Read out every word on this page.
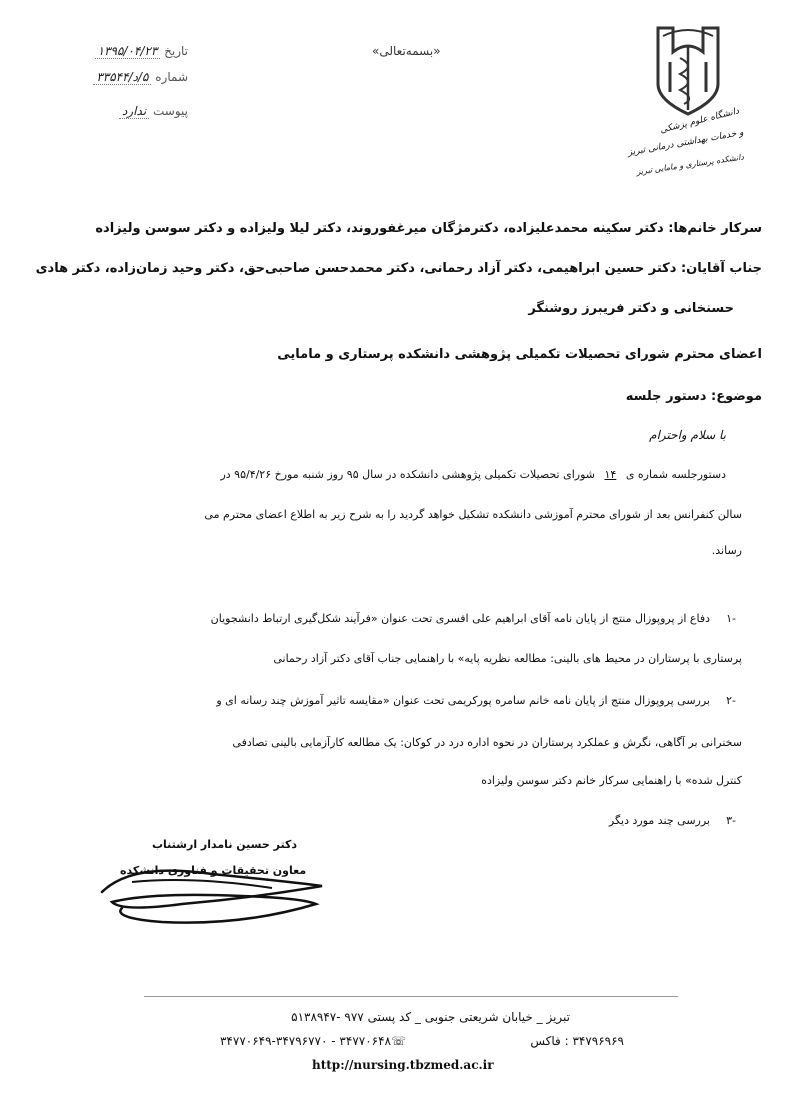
دانشگاه علوم پزشکی
و خدمات بهداشتی درمانی تبریز
دانشکده پرستاری و مامایی تبریز
«بسمه‌تعالی»
تاریخ ۱۳۹۵/۰۴/۲۳
شماره ۵/د/۳۳۵۴۴
پیوست ندارد
سرکار خانم‌ها: دکتر سکینه محمدعلیزاده، دکترمژگان میرغفوروند، دکتر لیلا ولیزاده و دکتر سوسن ولیزاده
جناب آقایان: دکتر حسین ابراهیمی، دکتر آزاد رحمانی، دکتر محمدحسن صاحبی‌حق، دکتر وحید زمان‌زاده، دکتر هادی
حسنخانی و دکتر فریبرز روشنگر
اعضای محترم شورای تحصیلات تکمیلی پژوهشی دانشکده پرستاری و مامایی
موضوع: دستور جلسه
با سلام واحترام
دستورجلسه شماره ی ۱۴ شورای تحصیلات تکمیلی پژوهشی دانشکده در سال ۹۵ روز شنبه مورخ ۹۵/۴/۲۶ در
سالن کنفرانس بعد از شورای محترم آموزشی دانشکده تشکیل خواهد گردید را به شرح زیر به اطلاع اعضای محترم می
رساند.
-۱
دفاع از پروپوزال منتج از پایان نامه آقای ابراهیم علی افسری تحت عنوان «فرآیند شکل‌گیری ارتباط دانشجویان
پرستاری با پرستاران در محیط های بالینی: مطالعه نظریه پایه» با راهنمایی جناب آقای دکتر آزاد رحمانی
-۲
بررسی پروپوزال منتج از پایان نامه خانم سامره پورکریمی تحت عنوان «مقایسه تاثیر آموزش چند رسانه ای و
سخنرانی بر آگاهی، نگرش و عملکرد پرستاران در نحوه اداره درد در کوکان: یک مطالعه کارآزمایی بالینی تصادفی
کنترل شده» با راهنمایی سرکار خانم دکتر سوسن ولیزاده
-۳
بررسی چند مورد دیگر
دکتر حسین نامدار ارشتناب
معاون تحقیقات و فناوری دانشکده
تبریز _ خیابان شریعتی جنوبی _ کد پستی ۹۷۷ -۵۱۳۸۹۴۷
۳۴۷۹۶۹۶۹ : فاکس
☏۳۴۷۷۰۶۴۸ - ۳۴۷۷۰۶۴۹-۳۴۷۹۶۷۷۰
http://nursing.tbzmed.ac.ir
